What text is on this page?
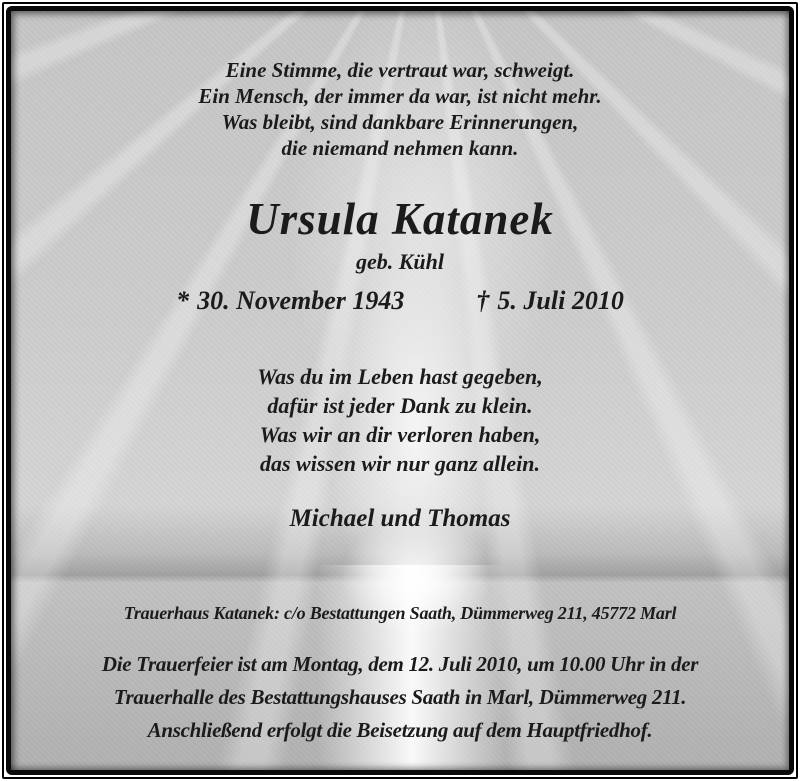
Eine Stimme, die vertraut war, schweigt.
Ein Mensch, der immer da war, ist nicht mehr.
Was bleibt, sind dankbare Erinnerungen,
die niemand nehmen kann.
Ursula Katanek
geb. Kühl
* 30. November 1943	† 5. Juli 2010
Was du im Leben hast gegeben,
dafür ist jeder Dank zu klein.
Was wir an dir verloren haben,
das wissen wir nur ganz allein.
Michael und Thomas
Trauerhaus Katanek: c/o Bestattungen Saath, Dümmerweg 211, 45772 Marl
Die Trauerfeier ist am Montag, dem 12. Juli 2010, um 10.00 Uhr in der
Trauerhalle des Bestattungshauses Saath in Marl, Dümmerweg 211.
Anschließend erfolgt die Beisetzung auf dem Hauptfriedhof.
